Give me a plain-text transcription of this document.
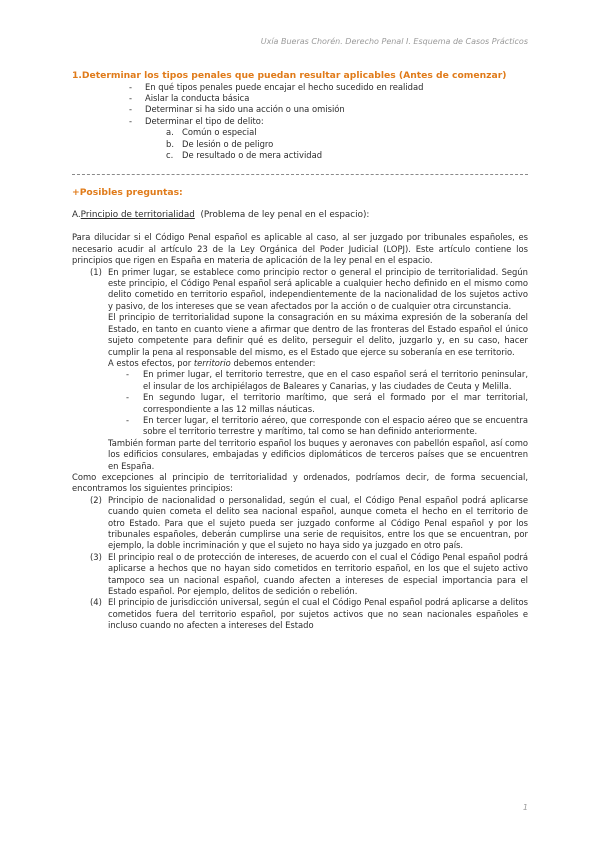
Uxía Bueras Chorén. Derecho Penal I. Esquema de Casos Prácticos
1.Determinar los tipos penales que puedan resultar aplicables (Antes de comenzar)
- En qué tipos penales puede encajar el hecho sucedido en realidad
- Aislar la conducta básica
- Determinar si ha sido una acción o una omisión
- Determinar el tipo de delito:
a. Común o especial
b. De lesión o de peligro
c. De resultado o de mera actividad
+Posibles preguntas:
A.Principio de territorialidad  (Problema de ley penal en el espacio):

Para dilucidar si el Código Penal español es aplicable al caso, al ser juzgado por tribunales españoles, es necesario acudir al artículo 23 de la Ley Orgánica del Poder Judicial (LOPJ). Este artículo contiene los principios que rigen en España en materia de aplicación de la ley penal en el espacio.

(1) En primer lugar, se establece como principio rector o general el principio de territorialidad. Según este principio, el Código Penal español será aplicable a cualquier hecho definido en el mismo como delito cometido en territorio español, independientemente de la nacionalidad de los sujetos activo y pasivo, de los intereses que se vean afectados por la acción o de cualquier otra circunstancia.

El principio de territorialidad supone la consagración en su máxima expresión de la soberanía del Estado, en tanto en cuanto viene a afirmar que dentro de las fronteras del Estado español el único sujeto competente para definir qué es delito, perseguir el delito, juzgarlo y, en su caso, hacer cumplir la pena al responsable del mismo, es el Estado que ejerce su soberanía en ese territorio.

A estos efectos, por territorio debemos entender:

- En primer lugar, el territorio terrestre, que en el caso español será el territorio peninsular, el insular de los archipiélagos de Baleares y Canarias, y las ciudades de Ceuta y Melilla.
- En segundo lugar, el territorio marítimo, que será el formado por el mar territorial, correspondiente a las 12 millas náuticas.
- En tercer lugar, el territorio aéreo, que corresponde con el espacio aéreo que se encuentra sobre el territorio terrestre y marítimo, tal como se han definido anteriormente.

También forman parte del territorio español los buques y aeronaves con pabellón español, así como los edificios consulares, embajadas y edificios diplomáticos de terceros países que se encuentren en España.

Como excepciones al principio de territorialidad y ordenados, podríamos decir, de forma secuencial, encontramos los siguientes principios:

(2) Principio de nacionalidad o personalidad, según el cual, el Código Penal español podrá aplicarse cuando quien cometa el delito sea nacional español, aunque cometa el hecho en el territorio de otro Estado. Para que el sujeto pueda ser juzgado conforme al Código Penal español y por los tribunales españoles, deberán cumplirse una serie de requisitos, entre los que se encuentran, por ejemplo, la doble incriminación y que el sujeto no haya sido ya juzgado en otro país.
(3) El principio real o de protección de intereses, de acuerdo con el cual el Código Penal español podrá aplicarse a hechos que no hayan sido cometidos en territorio español, en los que el sujeto activo tampoco sea un nacional español, cuando afecten a intereses de especial importancia para el Estado español. Por ejemplo, delitos de sedición o rebelión.
(4) El principio de jurisdicción universal, según el cual el Código Penal español podrá aplicarse a delitos cometidos fuera del territorio español, por sujetos activos que no sean nacionales españoles e incluso cuando no afecten a intereses del Estado
1
